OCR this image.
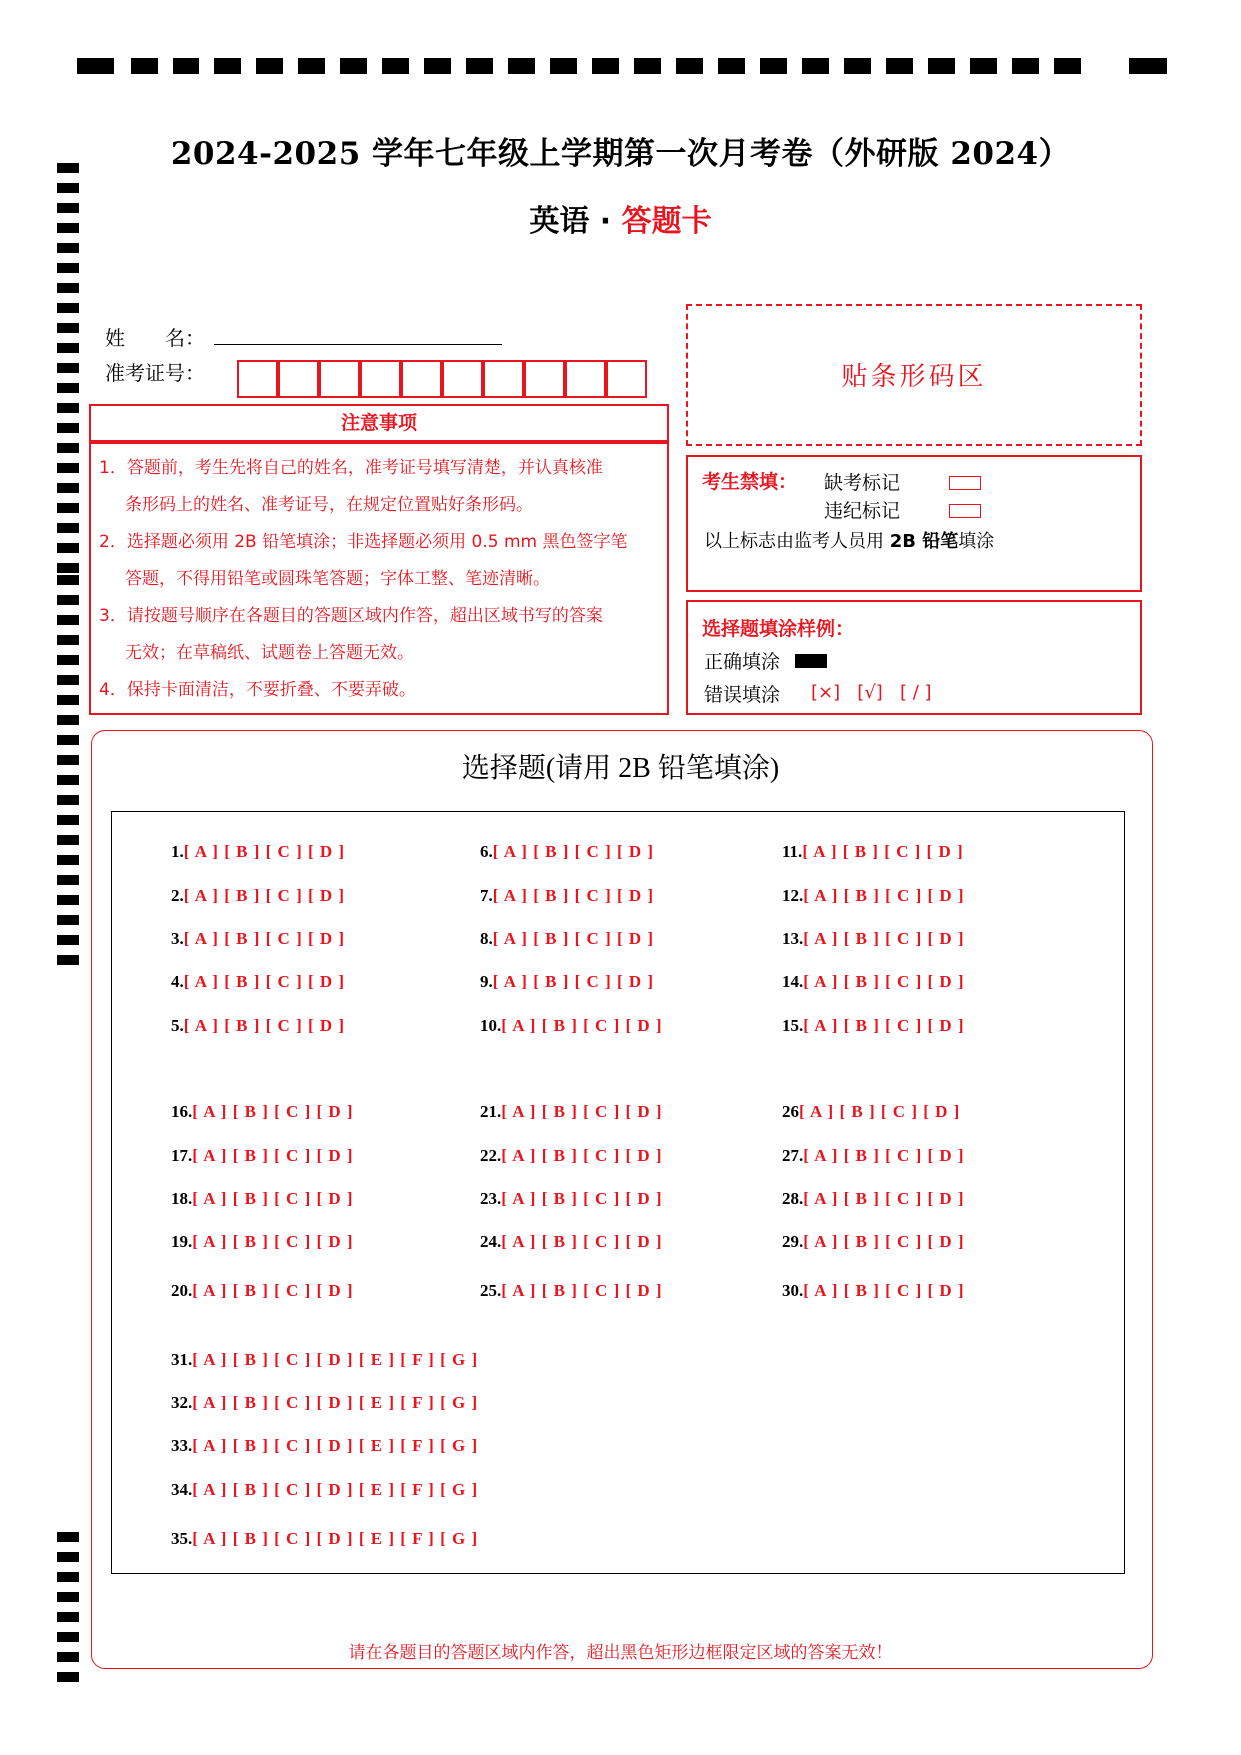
2024-2025 学年七年级上学期第一次月考卷（外研版 2024）
英语 · 答题卡
姓　　名：
准考证号：	贴条形码区
注意事项
1．答题前，考生先将自己的姓名，准考证号填写清楚，并认真核准
条形码上的姓名、准考证号，在规定位置贴好条形码。
2．选择题必须用 2B 铅笔填涂；非选择题必须用 0.5 mm 黑色签字笔
答题，不得用铅笔或圆珠笔答题；字体工整、笔迹清晰。
3．请按题号顺序在各题目的答题区域内作答，超出区域书写的答案
无效；在草稿纸、试题卷上答题无效。
4．保持卡面清洁，不要折叠、不要弄破。
考生禁填： 缺考标记
违纪标记
以上标志由监考人员用 2B 铅笔填涂
选择题填涂样例：
正确填涂
错误填涂 [×]   [√]   [ / ]
选择题(请用 2B 铅笔填涂)
1.[ A ] [ B ] [ C ] [ D ]
2.[ A ] [ B ] [ C ] [ D ]
3.[ A ] [ B ] [ C ] [ D ]
4.[ A ] [ B ] [ C ] [ D ]
5.[ A ] [ B ] [ C ] [ D ]
6.[ A ] [ B ] [ C ] [ D ]
7.[ A ] [ B ] [ C ] [ D ]
8.[ A ] [ B ] [ C ] [ D ]
9.[ A ] [ B ] [ C ] [ D ]
10.[ A ] [ B ] [ C ] [ D ]
11.[ A ] [ B ] [ C ] [ D ]
12.[ A ] [ B ] [ C ] [ D ]
13.[ A ] [ B ] [ C ] [ D ]
14.[ A ] [ B ] [ C ] [ D ]
15.[ A ] [ B ] [ C ] [ D ]
16.[ A ] [ B ] [ C ] [ D ]
17.[ A ] [ B ] [ C ] [ D ]
18.[ A ] [ B ] [ C ] [ D ]
19.[ A ] [ B ] [ C ] [ D ]
20.[ A ] [ B ] [ C ] [ D ]
21.[ A ] [ B ] [ C ] [ D ]
22.[ A ] [ B ] [ C ] [ D ]
23.[ A ] [ B ] [ C ] [ D ]
24.[ A ] [ B ] [ C ] [ D ]
25.[ A ] [ B ] [ C ] [ D ]
26[ A ] [ B ] [ C ] [ D ]
27.[ A ] [ B ] [ C ] [ D ]
28.[ A ] [ B ] [ C ] [ D ]
29.[ A ] [ B ] [ C ] [ D ]
30.[ A ] [ B ] [ C ] [ D ]
31.[ A ] [ B ] [ C ] [ D ] [ E ] [ F ] [ G ]
32.[ A ] [ B ] [ C ] [ D ] [ E ] [ F ] [ G ]
33.[ A ] [ B ] [ C ] [ D ] [ E ] [ F ] [ G ]
34.[ A ] [ B ] [ C ] [ D ] [ E ] [ F ] [ G ]
35.[ A ] [ B ] [ C ] [ D ] [ E ] [ F ] [ G ]
请在各题目的答题区域内作答，超出黑色矩形边框限定区域的答案无效！
